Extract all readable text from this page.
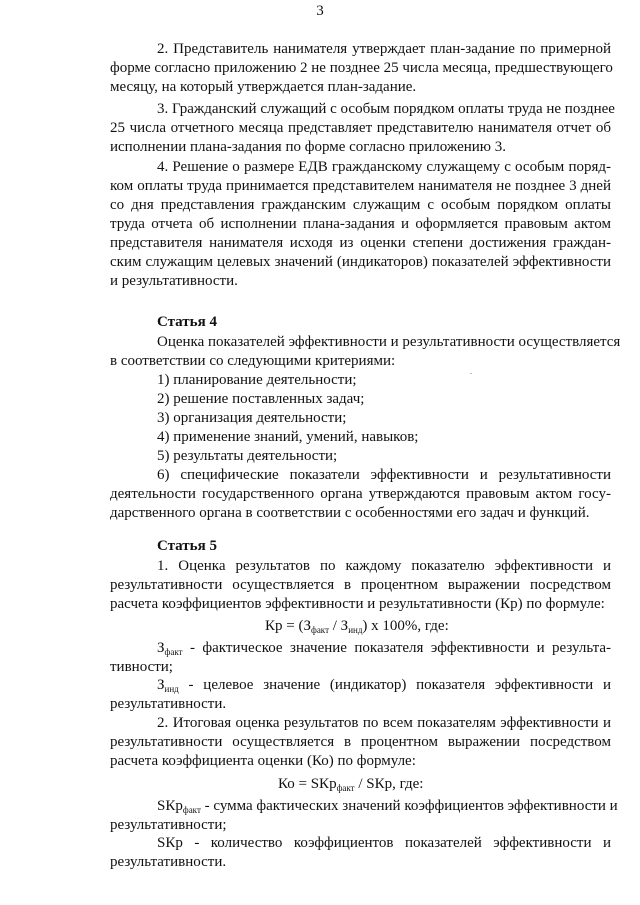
3
2. Представитель нанимателя утверждает план-задание по примерной
форме согласно приложению 2 не позднее 25 числа месяца, предшествующего
месяцу, на который утверждается план-задание.
3. Гражданский служащий с особым порядком оплаты труда не позднее
25 числа отчетного месяца представляет представителю нанимателя отчет об
исполнении плана-задания по форме согласно приложению 3.
4. Решение о размере ЕДВ гражданскому служащему с особым поряд-
ком оплаты труда принимается представителем нанимателя не позднее 3 дней
со дня представления гражданским служащим с особым порядком оплаты
труда отчета об исполнении плана-задания и оформляется правовым актом
представителя нанимателя исходя из оценки степени достижения граждан-
ским служащим целевых значений (индикаторов) показателей эффективности
и результативности.
Статья 4
Оценка показателей эффективности и результативности осуществляется
в соответствии со следующими критериями:
1) планирование деятельности;
2) решение поставленных задач;
3) организация деятельности;
4) применение знаний, умений, навыков;
5) результаты деятельности;
6) специфические показатели эффективности и результативности
деятельности государственного органа утверждаются правовым актом госу-
дарственного органа в соответствии с особенностями его задач и функций.
Статья 5
1. Оценка результатов по каждому показателю эффективности и
результативности осуществляется в процентном выражении посредством
расчета коэффициентов эффективности и результативности (Кр) по формуле:
Кр = $(З_{факт} / З_{инд})$ х 100%, где:
$З_{факт}$ - фактическое значение показателя эффективности и результа-
тивности;
$З_{инд}$ - целевое значение (индикатор) показателя эффективности и
результативности.
2. Итоговая оценка результатов по всем показателям эффективности и
результативности осуществляется в процентном выражении посредством
расчета коэффициента оценки (Ко) по формуле:
Ко = SКр$_{факт}$ / SКр, где:
SКр$_{факт}$ - сумма фактических значений коэффициентов эффективности и
результативности;
SКр - количество коэффициентов показателей эффективности и
результативности.
